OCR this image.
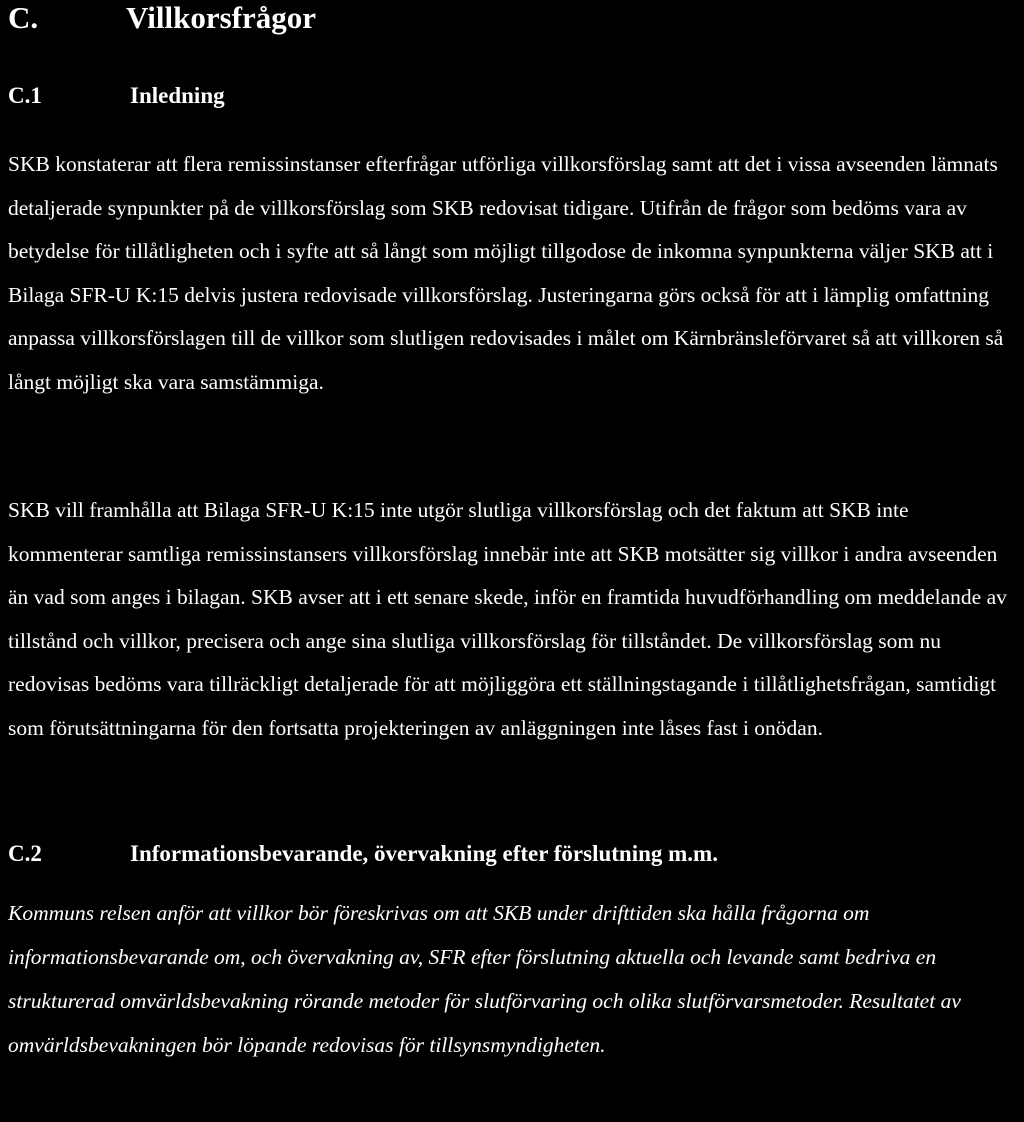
C.	Villkorsfrågor
C.1	Inledning

SKB konstaterar att flera remissinstanser efterfrågar utförliga villkorsförslag samt att det i vissa avseenden lämnats detaljerade synpunkter på de villkorsförslag som SKB redovisat tidigare. Utifrån de frågor som bedöms vara av betydelse för tillåtligheten och i syfte att så långt som möjligt tillgodose de inkomna synpunkterna väljer SKB att i Bilaga SFR-U K:15 delvis justera redovisade villkorsförslag. Justeringarna görs också för att i lämplig omfattning anpassa villkorsförslagen till de villkor som slutligen redovisades i målet om Kärnbränsleförvaret så att villkoren så långt möjligt ska vara samstämmiga.

SKB vill framhålla att Bilaga SFR-U K:15 inte utgör slutliga villkorsförslag och det faktum att SKB inte kommenterar samtliga remissinstansers villkorsförslag innebär inte att SKB motsätter sig villkor i andra avseenden än vad som anges i bilagan. SKB avser att i ett senare skede, inför en framtida huvudförhandling om meddelande av tillstånd och villkor, precisera och ange sina slutliga villkorsförslag för tillståndet. De villkorsförslag som nu redovisas bedöms vara tillräckligt detaljerade för att möjliggöra ett ställningstagande i tillåtlighetsfrågan, samtidigt som förutsättningarna för den fortsatta projekteringen av anläggningen inte låses fast i onödan.

C.2	Informationsbevarande, övervakning efter förslutning m.m.

Kommuns relsen anför att villkor bör föreskrivas om att SKB under drifttiden ska hålla frågorna om informationsbevarande om, och övervakning av, SFR efter förslutning aktuella och levande samt bedriva en strukturerad omvärldsbevakning rörande metoder för slutförvaring och olika slutförvarsmetoder. Resultatet av omvärldsbevakningen bör löpande redovisas för tillsynsmyndigheten.
